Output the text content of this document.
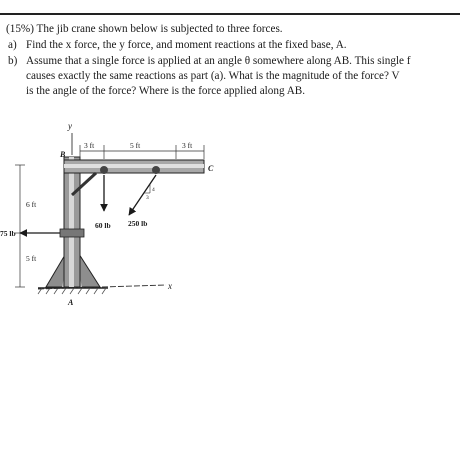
(15%) The jib crane shown below is subjected to three forces.
a) Find the x force, the y force, and moment reactions at the fixed base, A.
b) Assume that a single force is applied at an angle θ somewhere along AB. This single f
causes exactly the same reactions as part (a). What is the magnitude of the force? V
is the angle of the force? Where is the force applied along AB.
x
y
B
C
A
3 ft	5 ft	3 ft
6 ft
5 ft
75 lb
60 lb 250 lb
4
3
